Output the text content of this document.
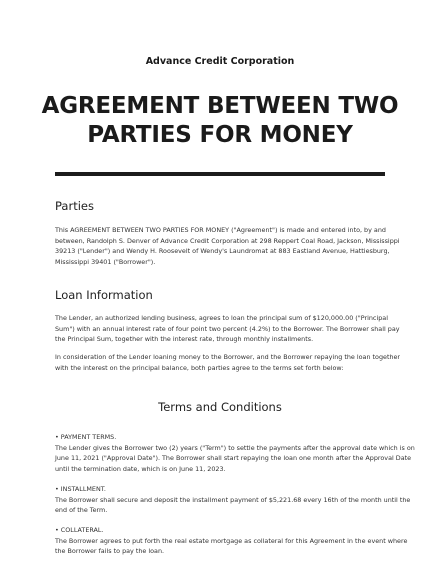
Advance Credit Corporation
AGREEMENT BETWEEN TWO
PARTIES FOR MONEY
Parties
This AGREEMENT BETWEEN TWO PARTIES FOR MONEY ("Agreement") is made and entered into, by and
between, Randolph S. Denver of Advance Credit Corporation at 298 Reppert Coal Road, Jackson, Mississippi
39213 ("Lender") and Wendy H. Roosevelt of Wendy's Laundromat at 883 Eastland Avenue, Hattiesburg,
Mississippi 39401 ("Borrower").
Loan Information
The Lender, an authorized lending business, agrees to loan the principal sum of $120,000.00 ("Principal
Sum") with an annual interest rate of four point two percent (4.2%) to the Borrower. The Borrower shall pay
the Principal Sum, together with the interest rate, through monthly installments.
In consideration of the Lender loaning money to the Borrower, and the Borrower repaying the loan together
with the interest on the principal balance, both parties agree to the terms set forth below:
Terms and Conditions
• PAYMENT TERMS.
The Lender gives the Borrower two (2) years ("Term") to settle the payments after the approval date which is on
June 11, 2021 ("Approval Date"). The Borrower shall start repaying the loan one month after the Approval Date
until the termination date, which is on June 11, 2023.
• INSTALLMENT.
The Borrower shall secure and deposit the installment payment of $5,221.68 every 16th of the month until the
end of the Term.
• COLLATERAL.
The Borrower agrees to put forth the real estate mortgage as collateral for this Agreement in the event where
the Borrower fails to pay the loan.
